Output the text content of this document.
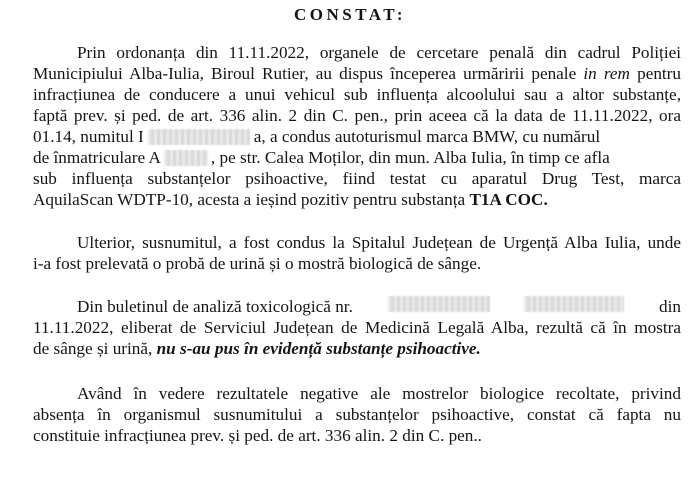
CONSTAT:
Prin ordonanța din 11.11.2022, organele de cercetare penală din cadrul Poliției
Municipiului Alba-Iulia, Biroul Rutier, au dispus începerea urmăririi penale in rem pentru
infracțiunea de conducere a unui vehicul sub influența alcoolului sau a altor substanțe,
faptă prev. și ped. de art. 336 alin. 2 din C. pen., prin aceea că la data de 11.11.2022, ora
01.14, numitul I	a, a condus autoturismul marca BMW, cu numărul
de înmatriculare A	, pe str. Calea Moților, din mun. Alba Iulia, în timp ce afla
sub influența substanțelor psihoactive, fiind testat cu aparatul Drug Test, marca
AquilaScan WDTP-10, acesta a ieșind pozitiv pentru substanța T1A COC.
Ulterior, susnumitul, a fost condus la Spitalul Județean de Urgență Alba Iulia, unde
i-a fost prelevată o probă de urină și o mostră biologică de sânge.
Din buletinul de analiză toxicologică nr.	din
11.11.2022, eliberat de Serviciul Județean de Medicină Legală Alba, rezultă că în mostra
de sânge și urină, nu s-au pus în evidență substanțe psihoactive.
Având în vedere rezultatele negative ale mostrelor biologice recoltate, privind
absența în organismul susnumitului a substanțelor psihoactive, constat că fapta nu
constituie infracțiunea prev. și ped. de art. 336 alin. 2 din C. pen..
